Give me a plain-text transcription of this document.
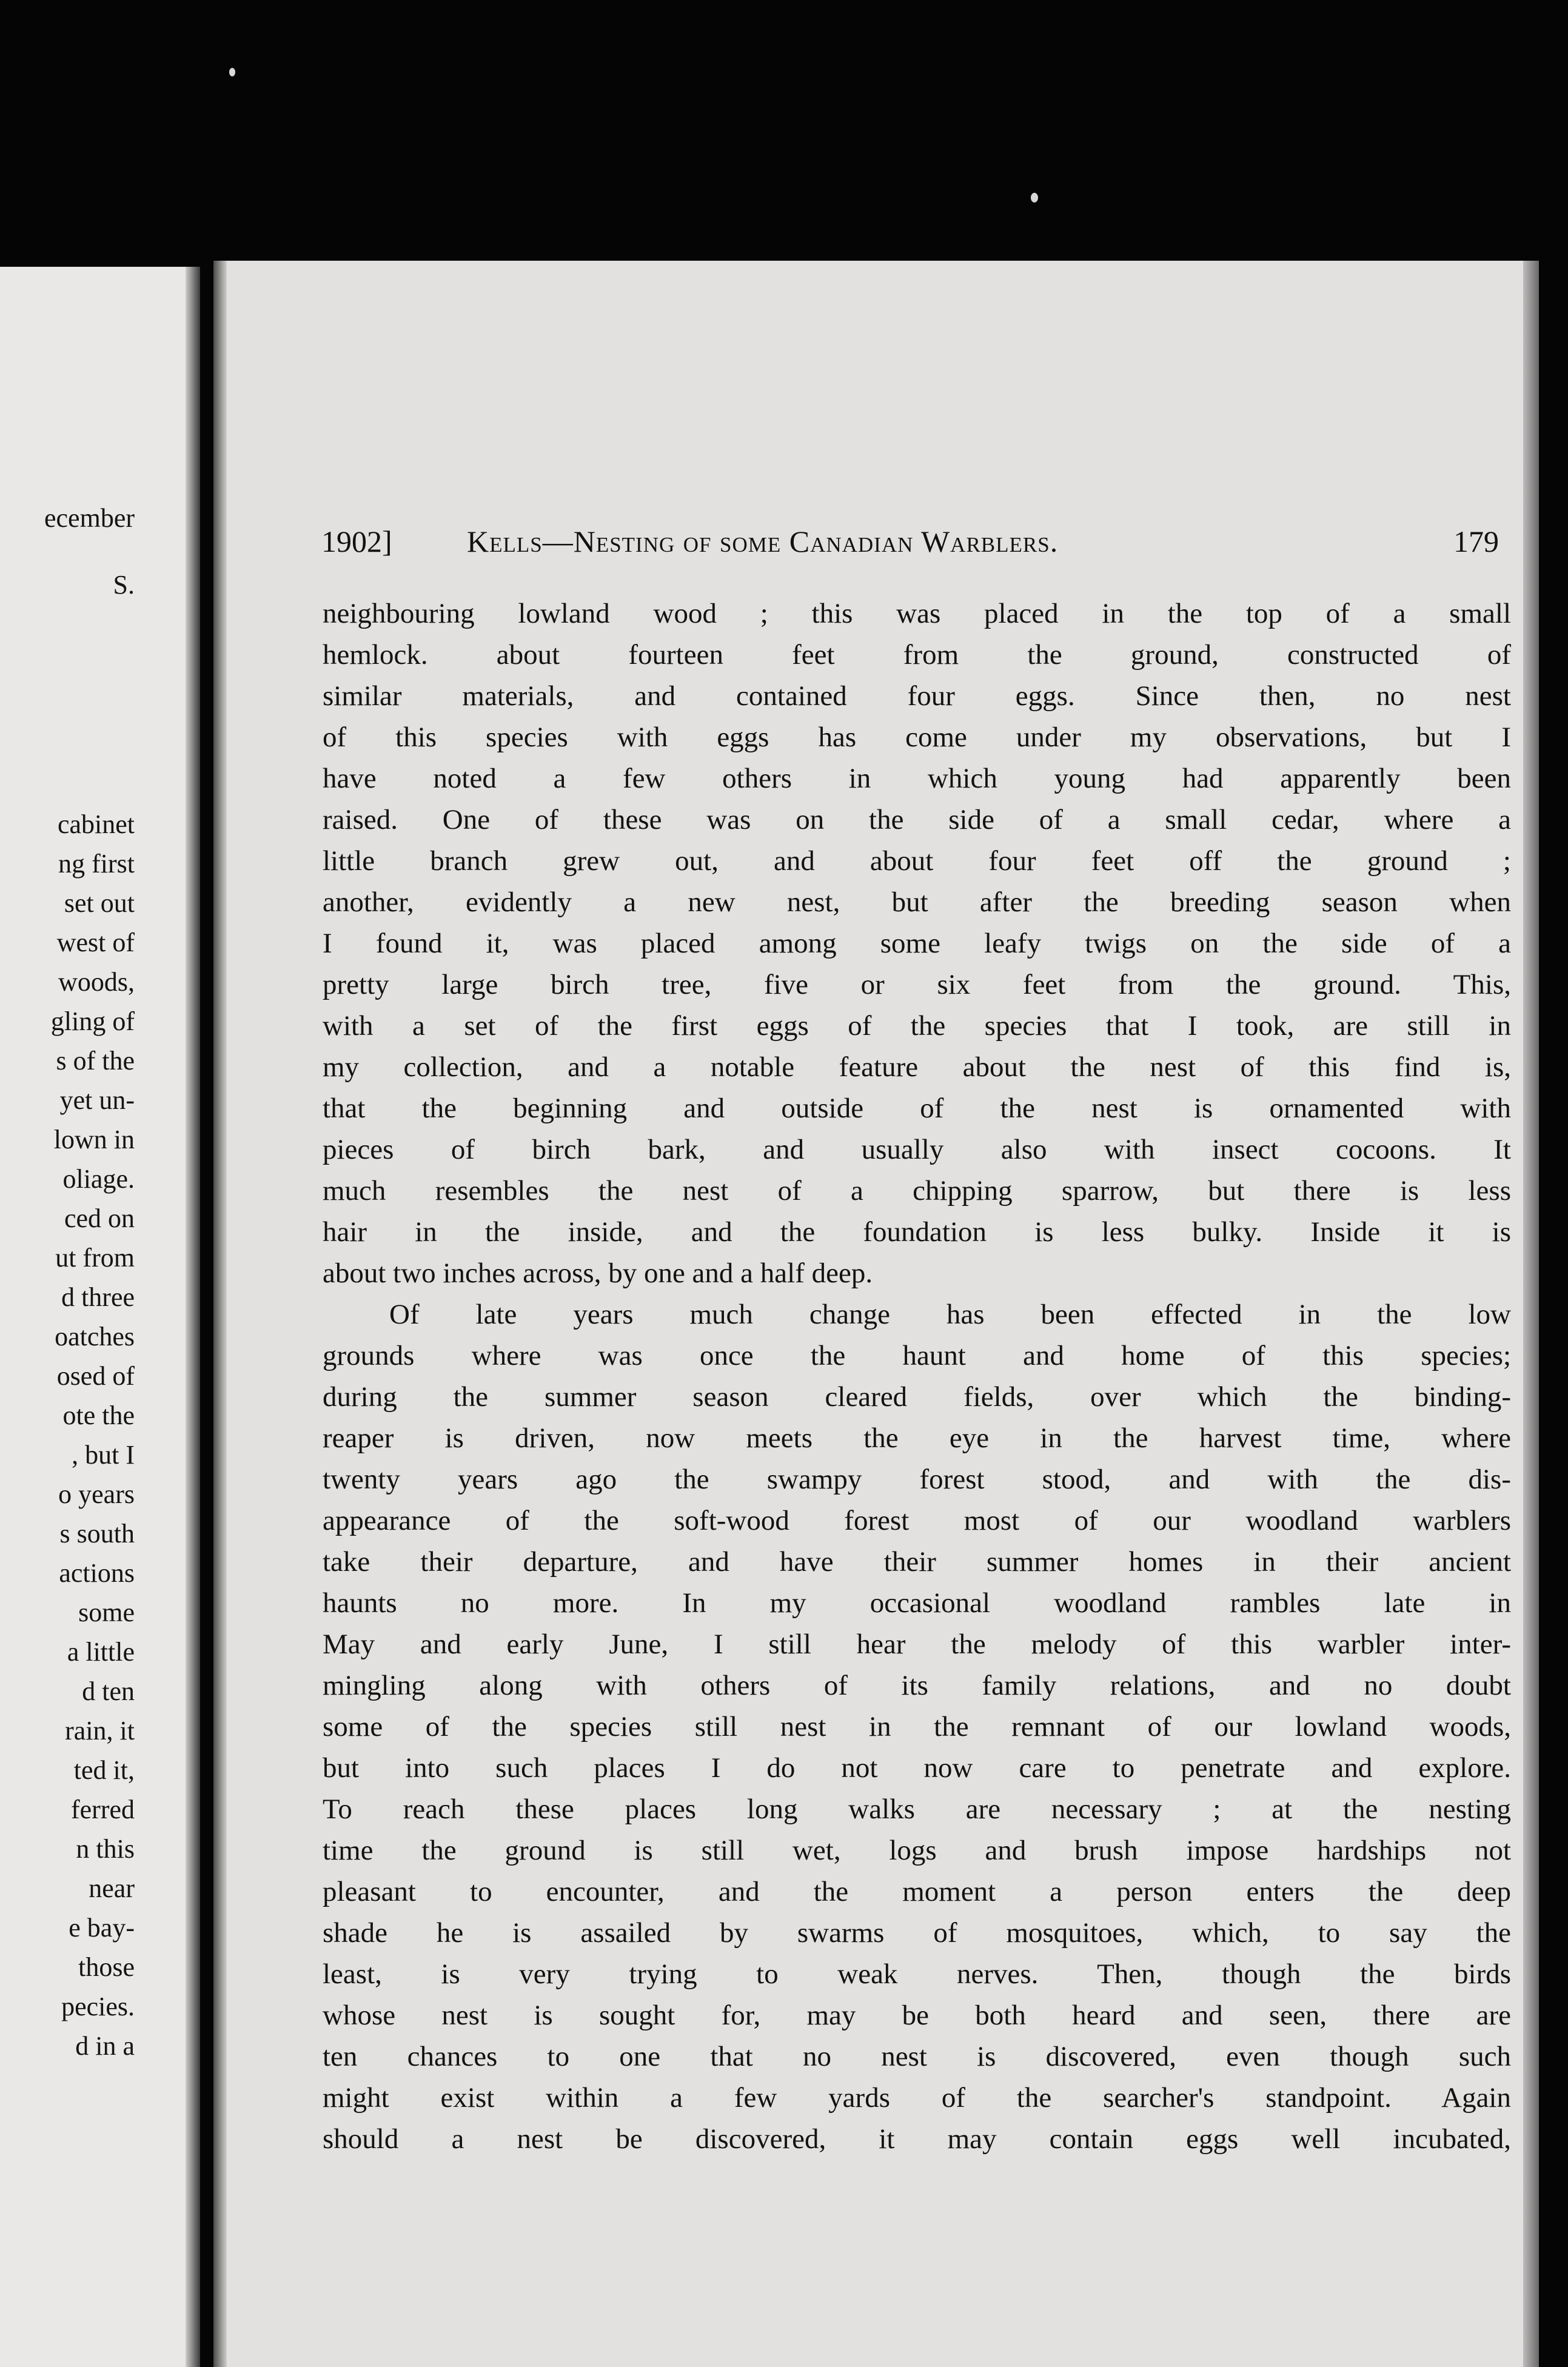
ecember
S.
cabinet
ng first
set out
west of
woods,
gling of
s of the
yet un-
lown in
oliage.
ced on
ut from
d three
oatches
osed of
ote the
, but I
o years
s south
actions
some
a little
d ten
rain, it
ted it,
ferred
n this
near
e bay-
those
pecies.
d in a
1902] Kells—Nesting of some Canadian Warblers.	179
neighbouring lowland wood ; this was placed in the top of a small
hemlock. about fourteen feet from the ground, constructed of
similar materials, and contained four eggs. Since then, no nest
of this species with eggs has come under my observations, but I
have noted a few others in which young had apparently been
raised. One of these was on the side of a small cedar, where a
little branch grew out, and about four feet off the ground ;
another, evidently a new nest, but after the breeding season when
I found it, was placed among some leafy twigs on the side of a
pretty large birch tree, five or six feet from the ground. This,
with a set of the first eggs of the species that I took, are still in
my collection, and a notable feature about the nest of this find is,
that the beginning and outside of the nest is ornamented with
pieces of birch bark, and usually also with insect cocoons. It
much resembles the nest of a chipping sparrow, but there is less
hair in the inside, and the foundation is less bulky. Inside it is
about two inches across, by one and a half deep.
Of late years much change has been effected in the low
grounds where was once the haunt and home of this species;
during the summer season cleared fields, over which the binding-
reaper is driven, now meets the eye in the harvest time, where
twenty years ago the swampy forest stood, and with the dis-
appearance of the soft-wood forest most of our woodland warblers
take their departure, and have their summer homes in their ancient
haunts no more. In my occasional woodland rambles late in
May and early June, I still hear the melody of this warbler inter-
mingling along with others of its family relations, and no doubt
some of the species still nest in the remnant of our lowland woods,
but into such places I do not now care to penetrate and explore.
To reach these places long walks are necessary ; at the nesting
time the ground is still wet, logs and brush impose hardships not
pleasant to encounter, and the moment a person enters the deep
shade he is assailed by swarms of mosquitoes, which, to say the
least, is very trying to weak nerves. Then, though the birds
whose nest is sought for, may be both heard and seen, there are
ten chances to one that no nest is discovered, even though such
might exist within a few yards of the searcher's standpoint. Again
should a nest be discovered, it may contain eggs well incubated,
